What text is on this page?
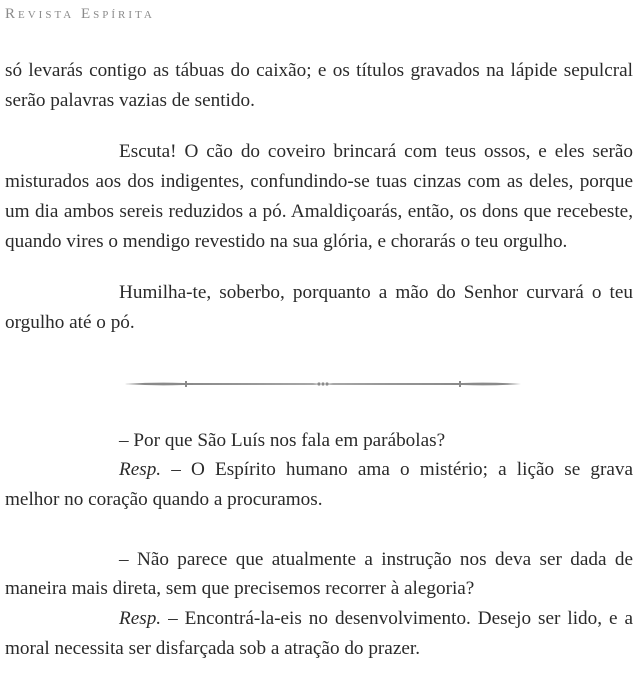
Revista Espírita

só levarás contigo as tábuas do caixão; e os títulos gravados na lápide sepulcral serão palavras vazias de sentido.

Escuta! O cão do coveiro brincará com teus ossos, e eles serão misturados aos dos indigentes, confundindo-se tuas cinzas com as deles, porque um dia ambos sereis reduzidos a pó. Amaldiçoarás, então, os dons que recebeste, quando vires o mendigo revestido na sua glória, e chorarás o teu orgulho.

Humilha-te, soberbo, porquanto a mão do Senhor curvará o teu orgulho até o pó.

– Por que São Luís nos fala em parábolas?

Resp. – O Espírito humano ama o mistério; a lição se grava melhor no coração quando a procuramos.

– Não parece que atualmente a instrução nos deva ser dada de maneira mais direta, sem que precisemos recorrer à alegoria?

Resp. – Encontrá-la-eis no desenvolvimento. Desejo ser lido, e a moral necessita ser disfarçada sob a atração do prazer.
